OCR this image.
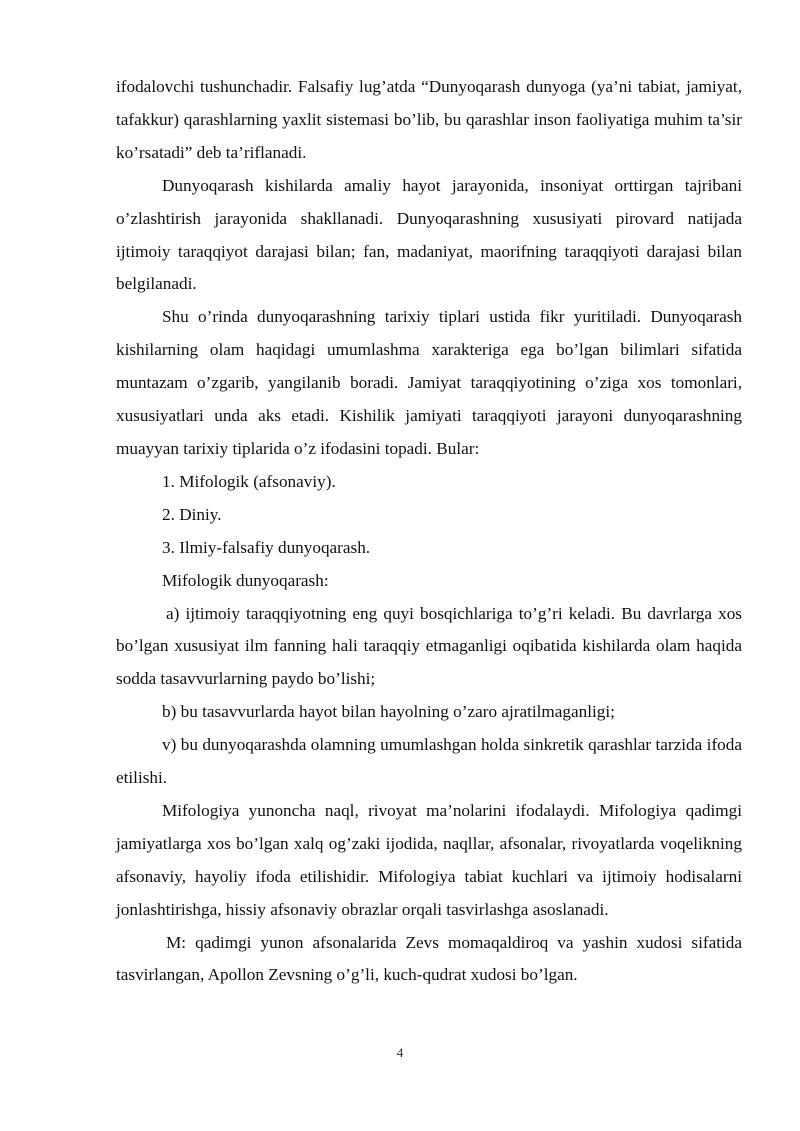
ifodalovchi tushunchadir. Falsafiy lug’atda “Dunyoqarash dunyoga (ya’ni tabiat, jamiyat, tafakkur) qarashlarning yaxlit sistemasi bo’lib, bu qarashlar inson faoliyatiga muhim ta’sir ko’rsatadi” deb ta’riflanadi.

Dunyoqarash kishilarda amaliy hayot jarayonida, insoniyat orttirgan tajribani o’zlashtirish jarayonida shakllanadi. Dunyoqarashning xususiyati pirovard natijada ijtimoiy taraqqiyot darajasi bilan; fan, madaniyat, maorifning taraqqiyoti darajasi bilan belgilanadi.

Shu o’rinda dunyoqarashning tarixiy tiplari ustida fikr yuritiladi. Dunyoqarash kishilarning olam haqidagi umumlashma xarakteriga ega bo’lgan bilimlari sifatida muntazam o’zgarib, yangilanib boradi. Jamiyat taraqqiyotining o’ziga xos tomonlari, xususiyatlari unda aks etadi. Kishilik jamiyati taraqqiyoti jarayoni dunyoqarashning muayyan tarixiy tiplarida o’z ifodasini topadi. Bular:

1. Mifologik (afsonaviy).

2. Diniy.

3. Ilmiy-falsafiy dunyoqarash.

Mifologik dunyoqarash:

a) ijtimoiy taraqqiyotning eng quyi bosqichlariga to’g’ri keladi. Bu davrlarga xos bo’lgan xususiyat ilm fanning hali taraqqiy etmaganligi oqibatida kishilarda olam haqida sodda tasavvurlarning paydo bo’lishi;

b) bu tasavvurlarda hayot bilan hayolning o’zaro ajratilmaganligi;

v) bu dunyoqarashda olamning umumlashgan holda sinkretik qarashlar tarzida ifoda etilishi.

Mifologiya yunoncha naql, rivoyat ma’nolarini ifodalaydi. Mifologiya qadimgi jamiyatlarga xos bo’lgan xalq og’zaki ijodida, naqllar, afsonalar, rivoyatlarda voqelikning afsonaviy, hayoliy ifoda etilishidir. Mifologiya tabiat kuchlari va ijtimoiy hodisalarni jonlashtirishga, hissiy afsonaviy obrazlar orqali tasvirlashga asoslanadi.

M: qadimgi yunon afsonalarida Zevs momaqaldiroq va yashin xudosi sifatida tasvirlangan, Apollon Zevsning o’g’li, kuch-qudrat xudosi bo’lgan.

4
